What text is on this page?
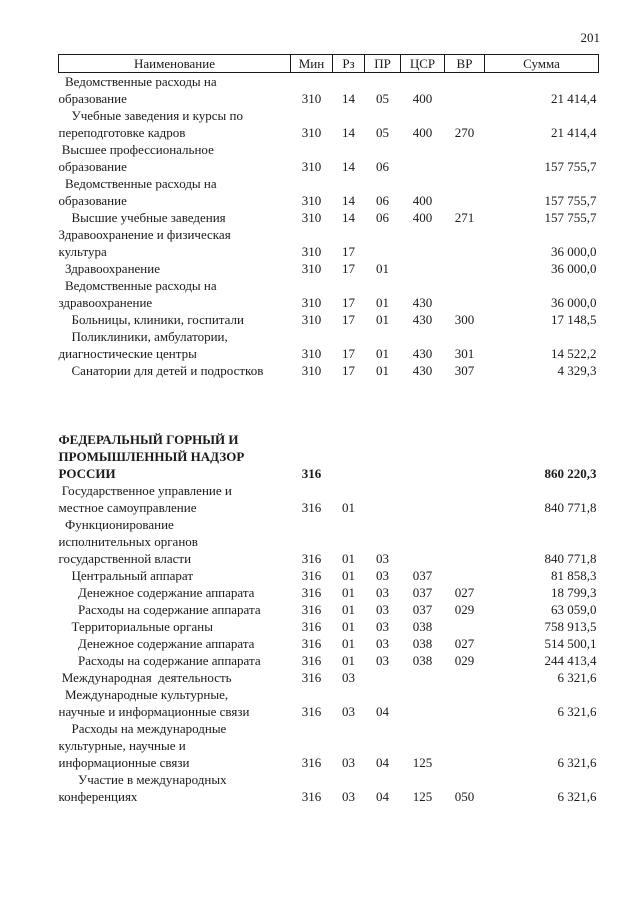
201
Наименование	Мин	Рз	ПР	ЦСР	ВР	Сумма
Ведомственные расходы на
образование	310	14	05	400		21 414,4
Учебные заведения и курсы по
переподготовке кадров	310	14	05	400	270	21 414,4
Высшее профессиональное
образование	310	14	06			157 755,7
Ведомственные расходы на
образование	310	14	06	400		157 755,7
Высшие учебные заведения	310	14	06	400	271	157 755,7
Здравоохранение и физическая
культура	310	17				36 000,0
Здравоохранение	310	17	01			36 000,0
Ведомственные расходы на
здравоохранение	310	17	01	430		36 000,0
Больницы, клиники, госпитали	310	17	01	430	300	17 148,5
Поликлиники, амбулатории,
диагностические центры	310	17	01	430	301	14 522,2
Санатории для детей и подростков	310	17	01	430	307	4 329,3

ФЕДЕРАЛЬНЫЙ ГОРНЫЙ И
ПРОМЫШЛЕННЫЙ НАДЗОР
РОССИИ	316					860 220,3
Государственное управление и
местное самоуправление	316	01				840 771,8
Функционирование
исполнительных органов
государственной власти	316	01	03			840 771,8
Центральный аппарат	316	01	03	037		81 858,3
Денежное содержание аппарата	316	01	03	037	027	18 799,3
Расходы на содержание аппарата	316	01	03	037	029	63 059,0
Территориальные органы	316	01	03	038		758 913,5
Денежное содержание аппарата	316	01	03	038	027	514 500,1
Расходы на содержание аппарата	316	01	03	038	029	244 413,4
Международная  деятельность	316	03				6 321,6
Международные культурные,
научные и информационные связи	316	03	04			6 321,6
Расходы на международные
культурные, научные и
информационные связи	316	03	04	125		6 321,6
Участие в международных
конференциях	316	03	04	125	050	6 321,6
